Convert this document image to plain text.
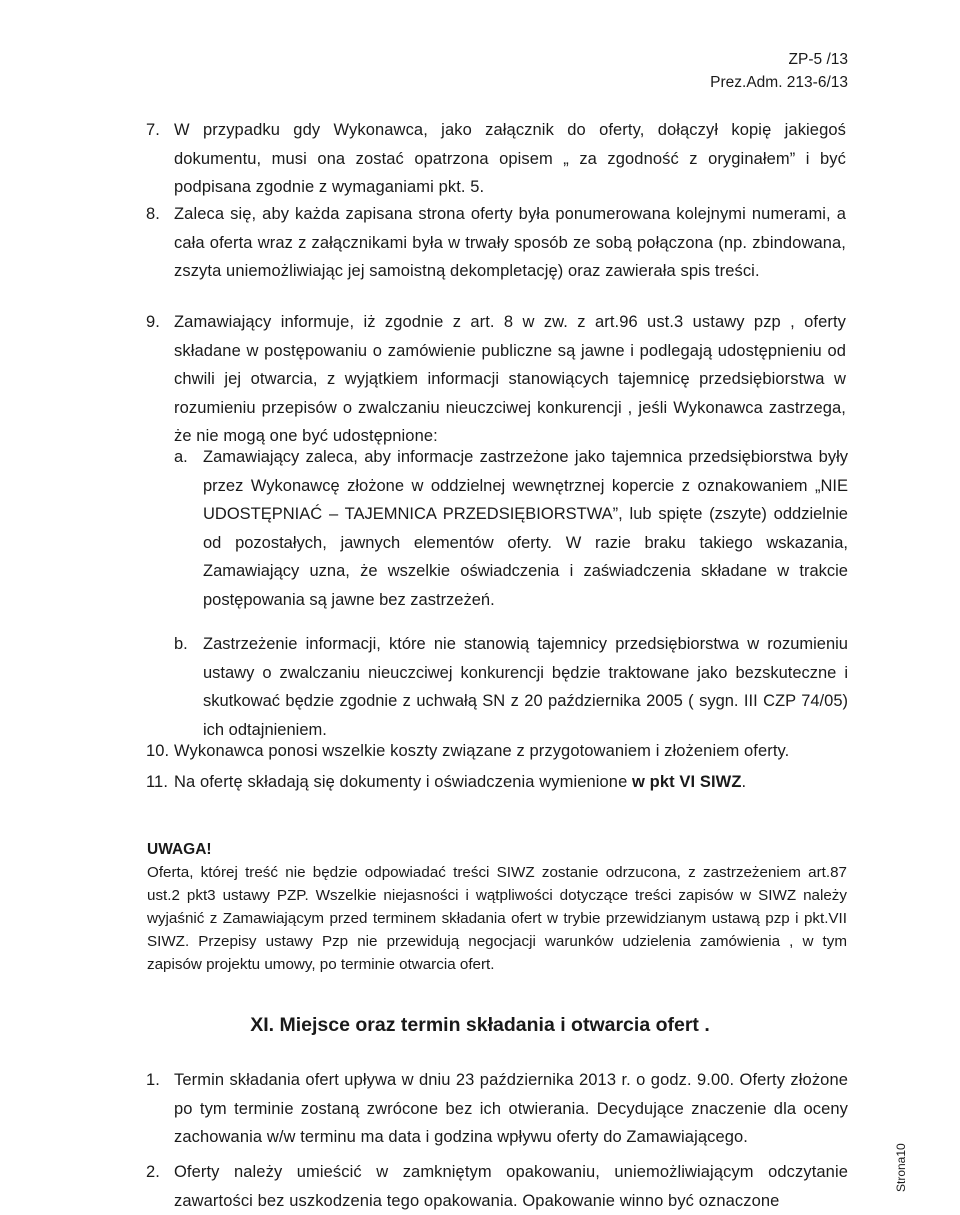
ZP-5 /13
Prez.Adm. 213-6/13
7. W przypadku gdy Wykonawca, jako załącznik do oferty, dołączył kopię jakiegoś dokumentu, musi ona zostać opatrzona opisem „ za zgodność z oryginałem” i być podpisana zgodnie z wymaganiami pkt. 5.
8. Zaleca się, aby każda zapisana strona oferty była ponumerowana kolejnymi numerami, a cała oferta wraz z załącznikami była w trwały sposób ze sobą połączona (np. zbindowana, zszyta uniemożliwiając jej samoistną dekompletację) oraz zawierała spis treści.
9. Zamawiający informuje, iż zgodnie z art. 8 w zw. z art.96 ust.3 ustawy pzp , oferty składane w postępowaniu o zamówienie publiczne są jawne i podlegają udostępnieniu od chwili jej otwarcia, z wyjątkiem informacji stanowiących tajemnicę przedsiębiorstwa w rozumieniu przepisów o zwalczaniu nieuczciwej konkurencji , jeśli Wykonawca zastrzega, że nie mogą one być udostępnione:
a. Zamawiający zaleca, aby informacje zastrzeżone jako tajemnica przedsiębiorstwa były przez Wykonawcę złożone w oddzielnej wewnętrznej kopercie z oznakowaniem „NIE UDOSTĘPNIAĆ – TAJEMNICA PRZEDSIĘBIORSTWA”, lub spięte (zszyte) oddzielnie od pozostałych, jawnych elementów oferty. W razie braku takiego wskazania, Zamawiający uzna, że wszelkie oświadczenia i zaświadczenia składane w trakcie postępowania są jawne bez zastrzeżeń.
b. Zastrzeżenie informacji, które nie stanowią tajemnicy przedsiębiorstwa w rozumieniu ustawy o zwalczaniu nieuczciwej konkurencji będzie traktowane jako bezskuteczne i skutkować będzie zgodnie z uchwałą SN z 20 października 2005 ( sygn. III CZP 74/05) ich odtajnieniem.
10. Wykonawca ponosi wszelkie koszty związane z przygotowaniem i złożeniem oferty.
11. Na ofertę składają się dokumenty i oświadczenia wymienione w pkt VI SIWZ.
UWAGA!
Oferta, której treść nie będzie odpowiadać treści SIWZ zostanie odrzucona, z zastrzeżeniem art.87 ust.2 pkt3 ustawy PZP. Wszelkie niejasności i wątpliwości dotyczące treści zapisów w SIWZ należy wyjaśnić z Zamawiającym przed terminem składania ofert w trybie przewidzianym ustawą pzp i pkt.VII SIWZ. Przepisy ustawy Pzp nie przewidują negocjacji warunków udzielenia zamówienia , w tym zapisów projektu umowy, po terminie otwarcia ofert.
XI. Miejsce oraz termin składania i otwarcia ofert .
1. Termin składania ofert upływa w dniu 23 października 2013 r. o godz. 9.00. Oferty złożone po tym terminie zostaną zwrócone bez ich otwierania. Decydujące znaczenie dla oceny zachowania w/w terminu ma data i godzina wpływu oferty do Zamawiającego.
2. Oferty należy umieścić w zamkniętym opakowaniu, uniemożliwiającym odczytanie zawartości bez uszkodzenia tego opakowania. Opakowanie winno być oznaczone
Strona10
